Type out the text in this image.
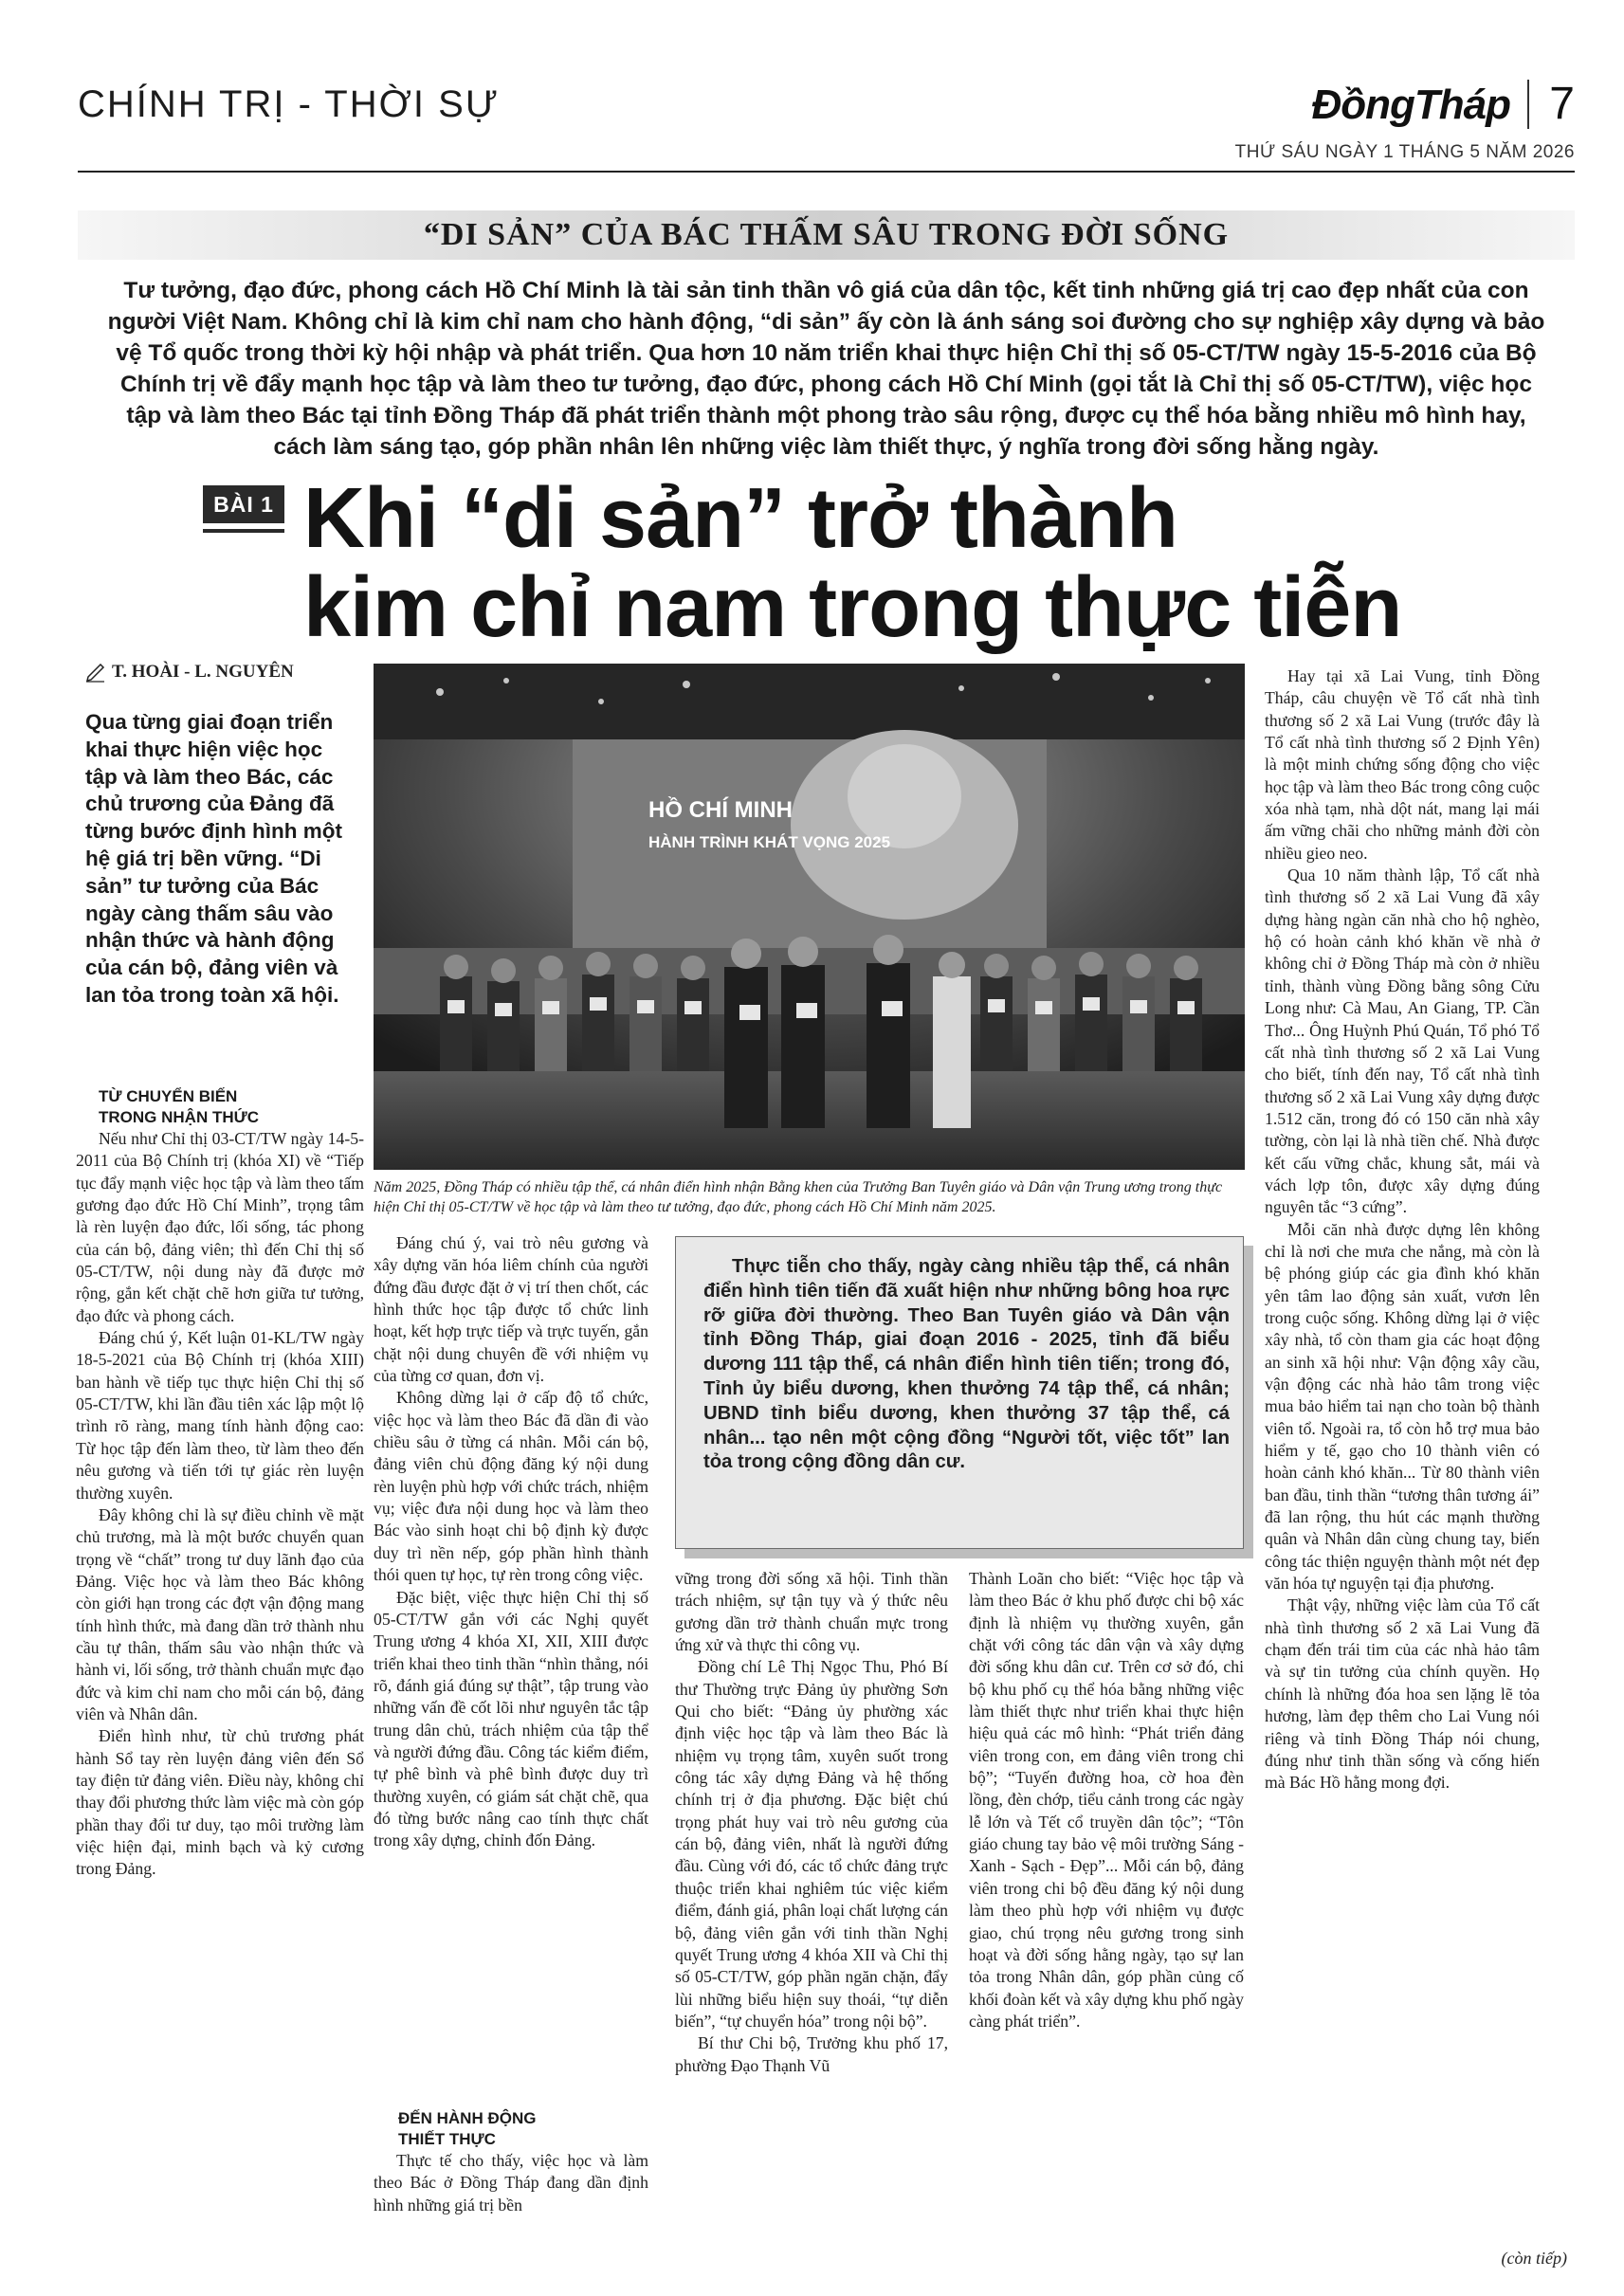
CHÍNH TRỊ - THỜI SỰ	ĐồngTháp 7
THỨ SÁU NGÀY 1 THÁNG 5 NĂM 2026
“DI SẢN” CỦA BÁC THẤM SÂU TRONG ĐỜI SỐNG
Tư tưởng, đạo đức, phong cách Hồ Chí Minh là tài sản tinh thần vô giá của dân tộc, kết tinh những giá trị cao đẹp nhất của con người Việt Nam. Không chỉ là kim chỉ nam cho hành động, “di sản” ấy còn là ánh sáng soi đường cho sự nghiệp xây dựng và bảo vệ Tổ quốc trong thời kỳ hội nhập và phát triển. Qua hơn 10 năm triển khai thực hiện Chỉ thị số 05-CT/TW ngày 15-5-2016 của Bộ Chính trị về đẩy mạnh học tập và làm theo tư tưởng, đạo đức, phong cách Hồ Chí Minh (gọi tắt là Chỉ thị số 05-CT/TW), việc học tập và làm theo Bác tại tỉnh Đồng Tháp đã phát triển thành một phong trào sâu rộng, được cụ thể hóa bằng nhiều mô hình hay, cách làm sáng tạo, góp phần nhân lên những việc làm thiết thực, ý nghĩa trong đời sống hằng ngày.
BÀI 1 Khi “di sản” trở thành
kim chỉ nam trong thực tiễn
T. HOÀI - L. NGUYÊN
Qua từng giai đoạn triển khai thực hiện việc học tập và làm theo Bác, các chủ trương của Đảng đã từng bước định hình một hệ giá trị bền vững. “Di sản” tư tưởng của Bác ngày càng thấm sâu vào nhận thức và hành động của cán bộ, đảng viên và lan tỏa trong toàn xã hội.
TỪ CHUYỂN BIẾN
TRONG NHẬN THỨC

Nếu như Chỉ thị 03-CT/TW ngày 14-5-2011 của Bộ Chính trị (khóa XI) về “Tiếp tục đẩy mạnh việc học tập và làm theo tấm gương đạo đức Hồ Chí Minh”, trọng tâm là rèn luyện đạo đức, lối sống, tác phong của cán bộ, đảng viên; thì đến Chỉ thị số 05-CT/TW, nội dung này đã được mở rộng, gắn kết chặt chẽ hơn giữa tư tưởng, đạo đức và phong cách.

Đáng chú ý, Kết luận 01-KL/TW ngày 18-5-2021 của Bộ Chính trị (khóa XIII) ban hành về tiếp tục thực hiện Chỉ thị số 05-CT/TW, khi lần đầu tiên xác lập một lộ trình rõ ràng, mang tính hành động cao: Từ học tập đến làm theo, từ làm theo đến nêu gương và tiến tới tự giác rèn luyện thường xuyên.

Đây không chỉ là sự điều chỉnh về mặt chủ trương, mà là một bước chuyển quan trọng về “chất” trong tư duy lãnh đạo của Đảng. Việc học và làm theo Bác không còn giới hạn trong các đợt vận động mang tính hình thức, mà đang dần trở thành nhu cầu tự thân, thấm sâu vào nhận thức và hành vi, lối sống, trở thành chuẩn mực đạo đức và kim chỉ nam cho mỗi cán bộ, đảng viên và Nhân dân.

Điển hình như, từ chủ trương phát hành Sổ tay rèn luyện đảng viên đến Sổ tay điện tử đảng viên. Điều này, không chỉ thay đổi phương thức làm việc mà còn góp phần thay đổi tư duy, tạo môi trường làm việc hiện đại, minh bạch và kỷ cương trong Đảng.

HỒ CHÍ MINH
HÀNH TRÌNH KHÁT VỌNG 2025
Năm 2025, Đồng Tháp có nhiều tập thể, cá nhân điển hình nhận Bằng khen của Trưởng Ban Tuyên giáo và Dân vận Trung ương trong thực hiện Chỉ thị 05-CT/TW về học tập và làm theo tư tưởng, đạo đức, phong cách Hồ Chí Minh năm 2025.

Đáng chú ý, vai trò nêu gương và xây dựng văn hóa liêm chính của người đứng đầu được đặt ở vị trí then chốt, các hình thức học tập được tổ chức linh hoạt, kết hợp trực tiếp và trực tuyến, gắn chặt nội dung chuyên đề với nhiệm vụ của từng cơ quan, đơn vị.

Không dừng lại ở cấp độ tổ chức, việc học và làm theo Bác đã dần đi vào chiều sâu ở từng cá nhân. Mỗi cán bộ, đảng viên chủ động đăng ký nội dung rèn luyện phù hợp với chức trách, nhiệm vụ; việc đưa nội dung học và làm theo Bác vào sinh hoạt chi bộ định kỳ được duy trì nền nếp, góp phần hình thành thói quen tự học, tự rèn trong công việc.

Đặc biệt, việc thực hiện Chỉ thị số 05-CT/TW gắn với các Nghị quyết Trung ương 4 khóa XI, XII, XIII được triển khai theo tinh thần “nhìn thẳng, nói rõ, đánh giá đúng sự thật”, tập trung vào những vấn đề cốt lõi như nguyên tắc tập trung dân chủ, trách nhiệm của tập thể và người đứng đầu. Công tác kiểm điểm, tự phê bình và phê bình được duy trì thường xuyên, có giám sát chặt chẽ, qua đó từng bước nâng cao tính thực chất trong xây dựng, chỉnh đốn Đảng.

ĐẾN HÀNH ĐỘNG
THIẾT THỰC

Thực tế cho thấy, việc học và làm theo Bác ở Đồng Tháp đang dần định hình những giá trị bền

Thực tiễn cho thấy, ngày càng nhiều tập thể, cá nhân điển hình tiên tiến đã xuất hiện như những bông hoa rực rỡ giữa đời thường. Theo Ban Tuyên giáo và Dân vận tỉnh Đồng Tháp, giai đoạn 2016 - 2025, tỉnh đã biểu dương 111 tập thể, cá nhân điển hình tiên tiến; trong đó, Tỉnh ủy biểu dương, khen thưởng 74 tập thể, cá nhân; UBND tỉnh biểu dương, khen thưởng 37 tập thể, cá nhân... tạo nên một cộng đồng “Người tốt, việc tốt” lan tỏa trong cộng đồng dân cư.

vững trong đời sống xã hội. Tinh thần trách nhiệm, sự tận tụy và ý thức nêu gương dần trở thành chuẩn mực trong ứng xử và thực thi công vụ.

Đồng chí Lê Thị Ngọc Thu, Phó Bí thư Thường trực Đảng ủy phường Sơn Qui cho biết: “Đảng ủy phường xác định việc học tập và làm theo Bác là nhiệm vụ trọng tâm, xuyên suốt trong công tác xây dựng Đảng và hệ thống chính trị ở địa phương. Đặc biệt chú trọng phát huy vai trò nêu gương của cán bộ, đảng viên, nhất là người đứng đầu. Cùng với đó, các tổ chức đảng trực thuộc triển khai nghiêm túc việc kiểm điểm, đánh giá, phân loại chất lượng cán bộ, đảng viên gắn với tinh thần Nghị quyết Trung ương 4 khóa XII và Chỉ thị số 05-CT/TW, góp phần ngăn chặn, đẩy lùi những biểu hiện suy thoái, “tự diễn biến”, “tự chuyển hóa” trong nội bộ”.

Bí thư Chi bộ, Trưởng khu phố 17, phường Đạo Thạnh Vũ

Thành Loãn cho biết: “Việc học tập và làm theo Bác ở khu phố được chi bộ xác định là nhiệm vụ thường xuyên, gắn chặt với công tác dân vận và xây dựng đời sống khu dân cư. Trên cơ sở đó, chi bộ khu phố cụ thể hóa bằng những việc làm thiết thực như triển khai thực hiện hiệu quả các mô hình: “Phát triển đảng viên trong con, em đảng viên trong chi bộ”; “Tuyến đường hoa, cờ hoa đèn lồng, đèn chớp, tiểu cảnh trong các ngày lễ lớn và Tết cổ truyền dân tộc”; “Tôn giáo chung tay bảo vệ môi trường Sáng - Xanh - Sạch - Đẹp”... Mỗi cán bộ, đảng viên trong chi bộ đều đăng ký nội dung làm theo phù hợp với nhiệm vụ được giao, chú trọng nêu gương trong sinh hoạt và đời sống hằng ngày, tạo sự lan tỏa trong Nhân dân, góp phần củng cố khối đoàn kết và xây dựng khu phố ngày càng phát triển”.

Hay tại xã Lai Vung, tỉnh Đồng Tháp, câu chuyện về Tổ cất nhà tình thương số 2 xã Lai Vung (trước đây là Tổ cất nhà tình thương số 2 Định Yên) là một minh chứng sống động cho việc học tập và làm theo Bác trong công cuộc xóa nhà tạm, nhà dột nát, mang lại mái ấm vững chãi cho những mảnh đời còn nhiều gieo neo.

Qua 10 năm thành lập, Tổ cất nhà tình thương số 2 xã Lai Vung đã xây dựng hàng ngàn căn nhà cho hộ nghèo, hộ có hoàn cảnh khó khăn về nhà ở không chỉ ở Đồng Tháp mà còn ở nhiều tỉnh, thành vùng Đồng bằng sông Cửu Long như: Cà Mau, An Giang, TP. Cần Thơ... Ông Huỳnh Phú Quán, Tổ phó Tổ cất nhà tình thương số 2 xã Lai Vung cho biết, tính đến nay, Tổ cất nhà tình thương số 2 xã Lai Vung xây dựng được 1.512 căn, trong đó có 150 căn nhà xây tường, còn lại là nhà tiền chế. Nhà được kết cấu vững chắc, khung sắt, mái và vách lợp tôn, được xây dựng đúng nguyên tắc “3 cứng”.

Mỗi căn nhà được dựng lên không chỉ là nơi che mưa che nắng, mà còn là bệ phóng giúp các gia đình khó khăn yên tâm lao động sản xuất, vươn lên trong cuộc sống. Không dừng lại ở việc xây nhà, tổ còn tham gia các hoạt động an sinh xã hội như: Vận động xây cầu, vận động các nhà hảo tâm trong việc mua bảo hiểm tai nạn cho toàn bộ thành viên tổ. Ngoài ra, tổ còn hỗ trợ mua bảo hiểm y tế, gạo cho 10 thành viên có hoàn cảnh khó khăn... Từ 80 thành viên ban đầu, tinh thần “tương thân tương ái” đã lan rộng, thu hút các mạnh thường quân và Nhân dân cùng chung tay, biến công tác thiện nguyện thành một nét đẹp văn hóa tự nguyện tại địa phương.

Thật vậy, những việc làm của Tổ cất nhà tình thương số 2 xã Lai Vung đã chạm đến trái tim của các nhà hảo tâm và sự tin tưởng của chính quyền. Họ chính là những đóa hoa sen lặng lẽ tỏa hương, làm đẹp thêm cho Lai Vung nói riêng và tỉnh Đồng Tháp nói chung, đúng như tinh thần sống và cống hiến mà Bác Hồ hằng mong đợi.

(còn tiếp)
